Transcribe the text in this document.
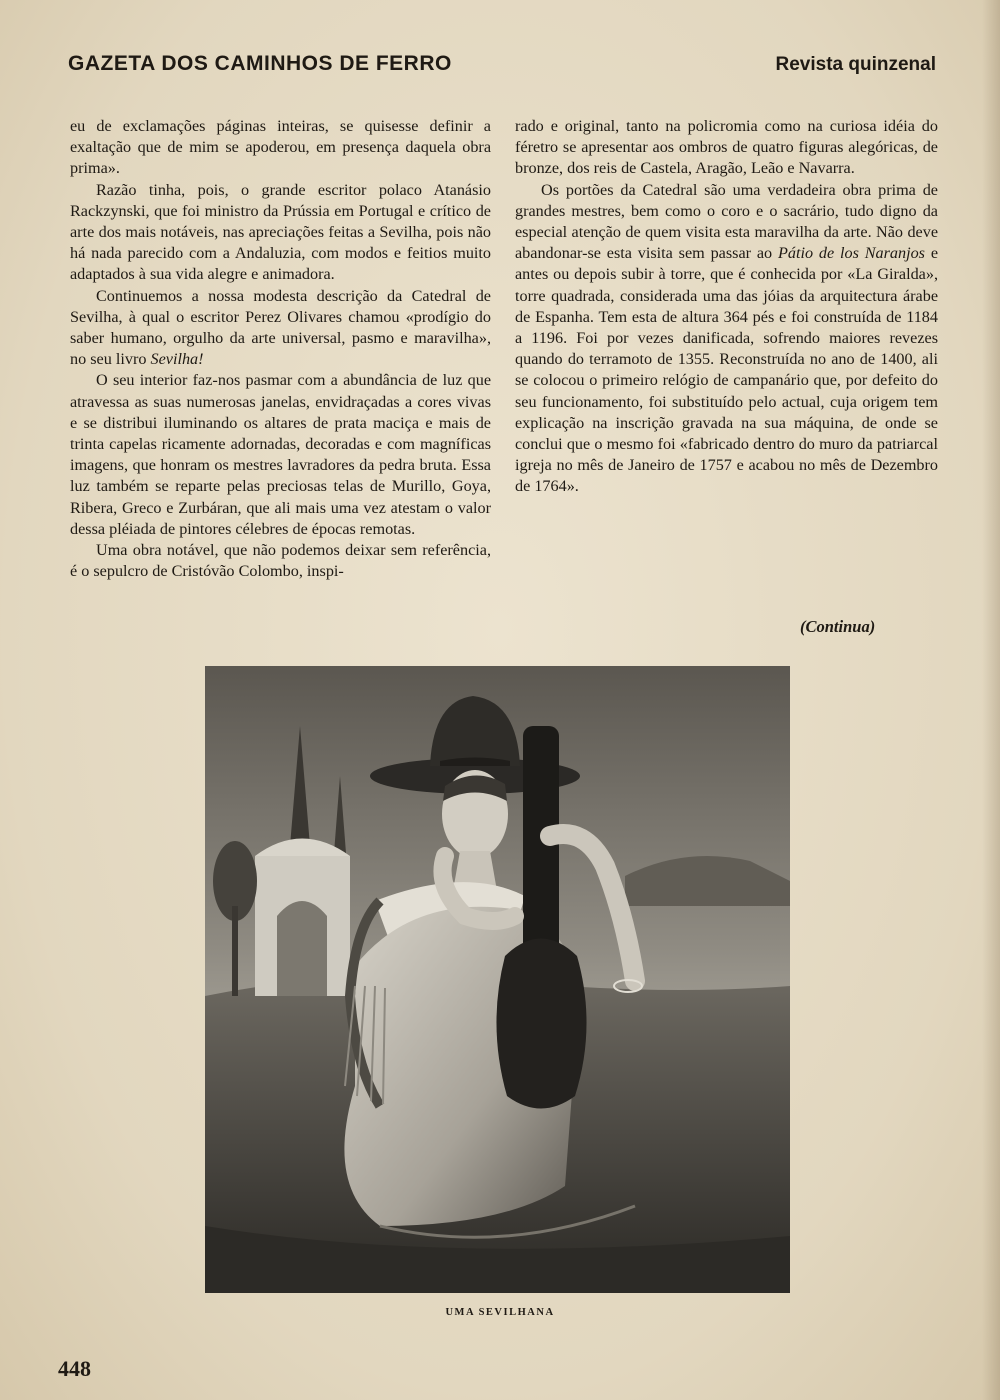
GAZETA DOS CAMINHOS DE FERRO	Revista quinzenal

eu de exclamações páginas inteiras, se quisesse definir a exaltação que de mim se apoderou, em presença daquela obra prima».

Razão tinha, pois, o grande escritor polaco Atanásio Rackzynski, que foi ministro da Prússia em Portugal e crítico de arte dos mais notáveis, nas apreciações feitas a Sevilha, pois não há nada parecido com a Andaluzia, com modos e feitios muito adaptados à sua vida alegre e animadora.

Continuemos a nossa modesta descrição da Catedral de Sevilha, à qual o escritor Perez Olivares chamou «prodígio do saber humano, orgulho da arte universal, pasmo e maravilha», no seu livro Sevilha!

O seu interior faz-nos pasmar com a abundância de luz que atravessa as suas numerosas janelas, envidraçadas a cores vivas e se distribui iluminando os altares de prata maciça e mais de trinta capelas ricamente adornadas, decoradas e com magníficas imagens, que honram os mestres lavradores da pedra bruta. Essa luz também se reparte pelas preciosas telas de Murillo, Goya, Ribera, Greco e Zurbáran, que ali mais uma vez atestam o valor dessa pléiada de pintores célebres de épocas remotas.

Uma obra notável, que não podemos deixar sem referência, é o sepulcro de Cristóvão Colombo, inspi-

rado e original, tanto na policromia como na curiosa idéia do féretro se apresentar aos ombros de quatro figuras alegóricas, de bronze, dos reis de Castela, Aragão, Leão e Navarra.

Os portões da Catedral são uma verdadeira obra prima de grandes mestres, bem como o coro e o sacrário, tudo digno da especial atenção de quem visita esta maravilha da arte. Não deve abandonar-se esta visita sem passar ao Pátio de los Naranjos e antes ou depois subir à torre, que é conhecida por «La Giralda», torre quadrada, considerada uma das jóias da arquitectura árabe de Espanha. Tem esta de altura 364 pés e foi construída de 1184 a 1196. Foi por vezes danificada, sofrendo maiores revezes quando do terramoto de 1355. Reconstruída no ano de 1400, ali se colocou o primeiro relógio de campanário que, por defeito do seu funcionamento, foi substituído pelo actual, cuja origem tem explicação na inscrição gravada na sua máquina, de onde se conclui que o mesmo foi «fabricado dentro do muro da patriarcal igreja no mês de Janeiro de 1757 e acabou no mês de Dezembro de 1764».

(Continua)
UMA SEVILHANA
448
